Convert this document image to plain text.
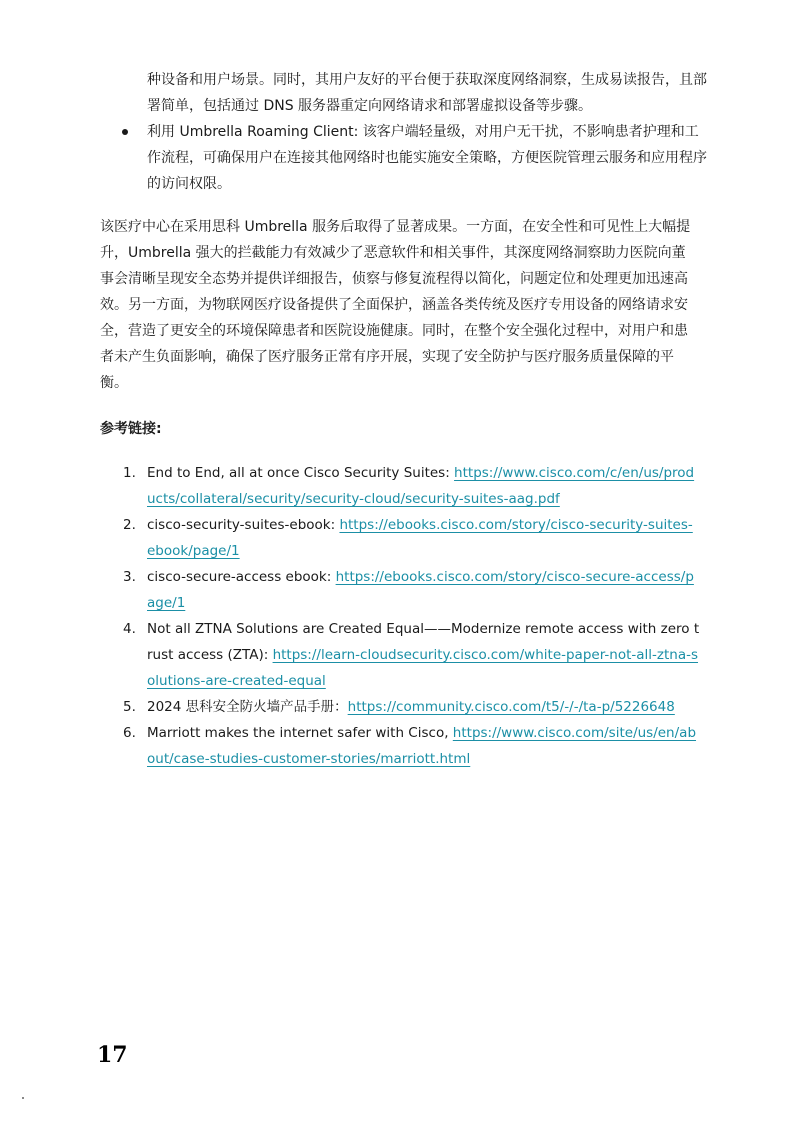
种设备和用户场景。同时，其用户友好的平台便于获取深度网络洞察，生成易读报告，且部署简单，包括通过 DNS 服务器重定向网络请求和部署虚拟设备等步骤。

利用 Umbrella Roaming Client: 该客户端轻量级，对用户无干扰，不影响患者护理和工作流程，可确保用户在连接其他网络时也能实施安全策略，方便医院管理云服务和应用程序的访问权限。

该医疗中心在采用思科 Umbrella 服务后取得了显著成果。一方面，在安全性和可见性上大幅提升，Umbrella 强大的拦截能力有效减少了恶意软件和相关事件，其深度网络洞察助力医院向董事会清晰呈现安全态势并提供详细报告，侦察与修复流程得以简化，问题定位和处理更加迅速高效。另一方面，为物联网医疗设备提供了全面保护，涵盖各类传统及医疗专用设备的网络请求安全，营造了更安全的环境保障患者和医院设施健康。同时，在整个安全强化过程中，对用户和患者未产生负面影响，确保了医疗服务正常有序开展，实现了安全防护与医疗服务质量保障的平衡。

参考链接:

1. End to End, all at once Cisco Security Suites: https://www.cisco.com/c/en/us/products/collateral/security/security-cloud/security-suites-aag.pdf
2. cisco-security-suites-ebook: https://ebooks.cisco.com/story/cisco-security-suites-ebook/page/1
3. cisco-secure-access ebook: https://ebooks.cisco.com/story/cisco-secure-access/page/1
4. Not all ZTNA Solutions are Created Equal——Modernize remote access with zero trust access (ZTA): https://learn-cloudsecurity.cisco.com/white-paper-not-all-ztna-solutions-are-created-equal
5. 2024 思科安全防火墙产品手册：https://community.cisco.com/t5/-/-/ta-p/5226648
6. Marriott makes the internet safer with Cisco, https://www.cisco.com/site/us/en/about/case-studies-customer-stories/marriott.html

17
